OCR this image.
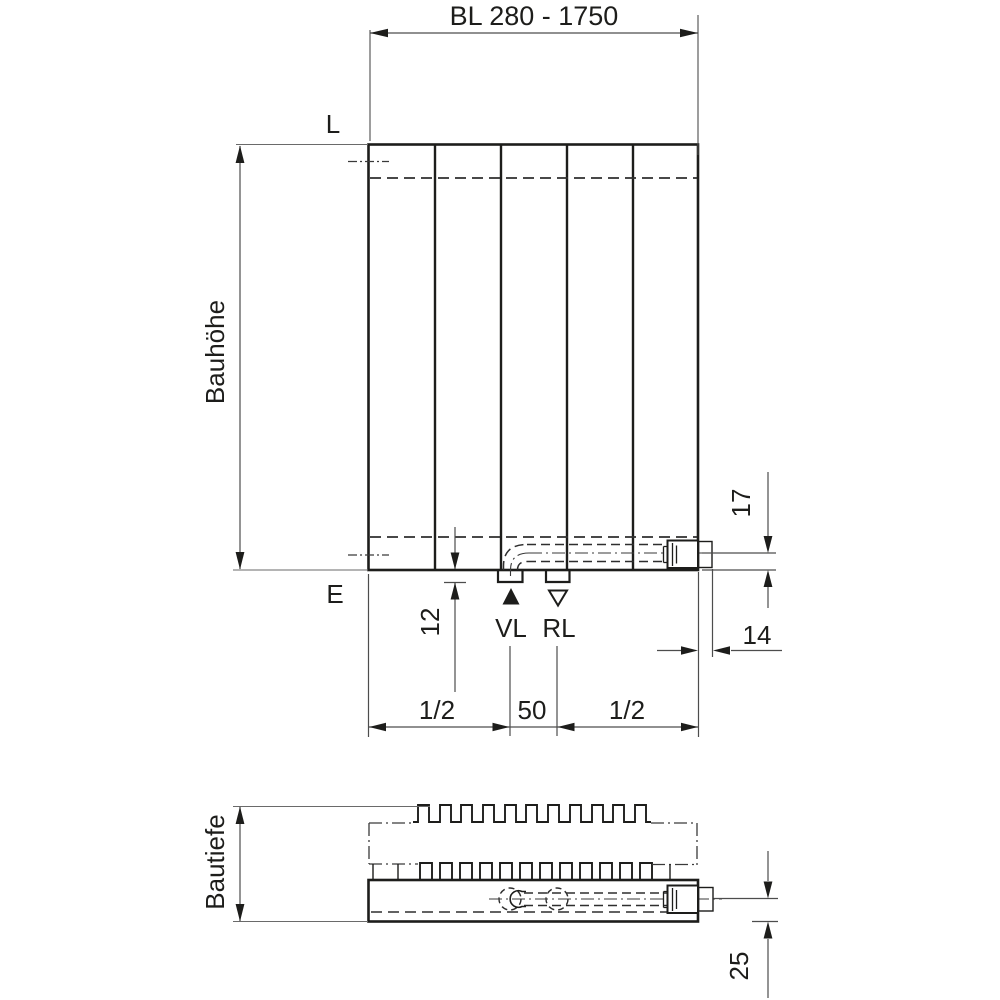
BL 280 - 1750
L
E
Bauhöhe
12 VL RL
17
14
1/2 50 1/2
Bautiefe
25
